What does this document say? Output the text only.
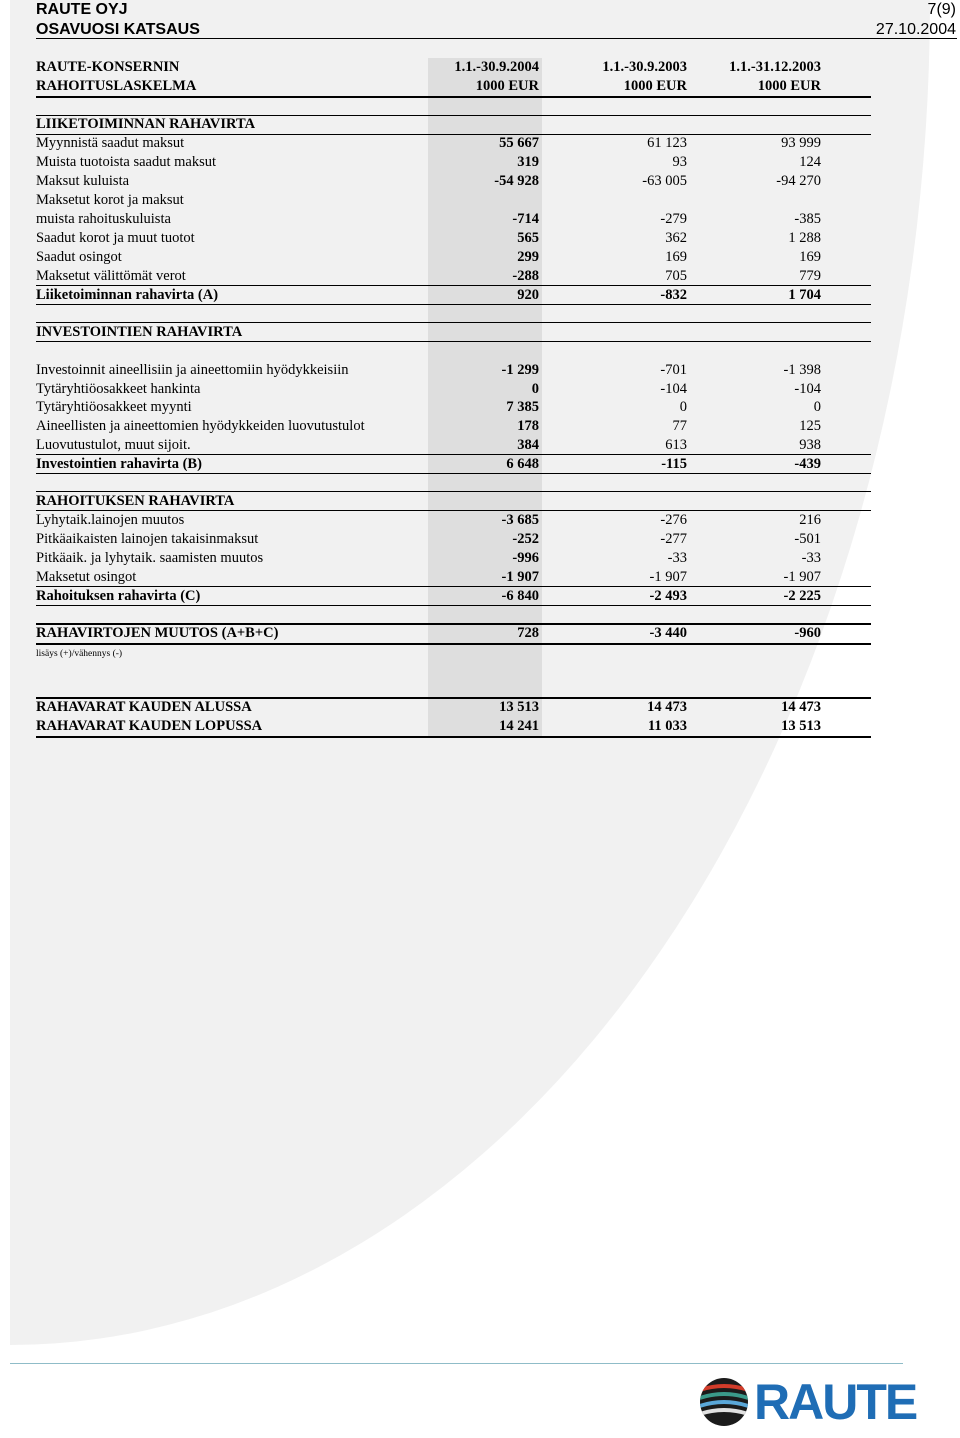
RAUTE OYJ
OSAVUOSI KATSAUS
7(9)
27.10.2004
RAUTE-KONSERNIN	1.1.-30.9.2004	1.1.-30.9.2003	1.1.-31.12.2003
RAHOITUSLASKELMA	1000 EUR	1000 EUR	1000 EUR
LIIKETOIMINNAN RAHAVIRTA
Myynnistä saadut maksut	55 667	61 123	93 999
Muista tuotoista saadut maksut	319	93	124
Maksut kuluista	-54 928	-63 005	-94 270
Maksetut korot ja maksut
muista rahoituskuluista	-714	-279	-385
Saadut korot ja muut tuotot	565	362	1 288
Saadut osingot	299	169	169
Maksetut välittömät verot	-288	705	779
Liiketoiminnan rahavirta (A)	920	-832	1 704
INVESTOINTIEN RAHAVIRTA
Investoinnit aineellisiin ja aineettomiin hyödykkeisiin	-1 299	-701	-1 398
Tytäryhtiöosakkeet hankinta	0	-104	-104
Tytäryhtiöosakkeet myynti	7 385	0	0
Aineellisten ja aineettomien hyödykkeiden luovutustulot	178	77	125
Luovutustulot, muut sijoit.	384	613	938
Investointien rahavirta (B)	6 648	-115	-439
RAHOITUKSEN RAHAVIRTA
Lyhytaik.lainojen muutos	-3 685	-276	216
Pitkäaikaisten lainojen takaisinmaksut	-252	-277	-501
Pitkäaik. ja lyhytaik. saamisten muutos	-996	-33	-33
Maksetut osingot	-1 907	-1 907	-1 907
Rahoituksen rahavirta (C)	-6 840	-2 493	-2 225
RAHAVIRTOJEN MUUTOS (A+B+C)	728	-3 440	-960
lisäys (+)/vähennys (-)
RAHAVARAT KAUDEN ALUSSA	13 513	14 473	14 473
RAHAVARAT KAUDEN LOPUSSA	14 241	11 033	13 513
RAUTE
